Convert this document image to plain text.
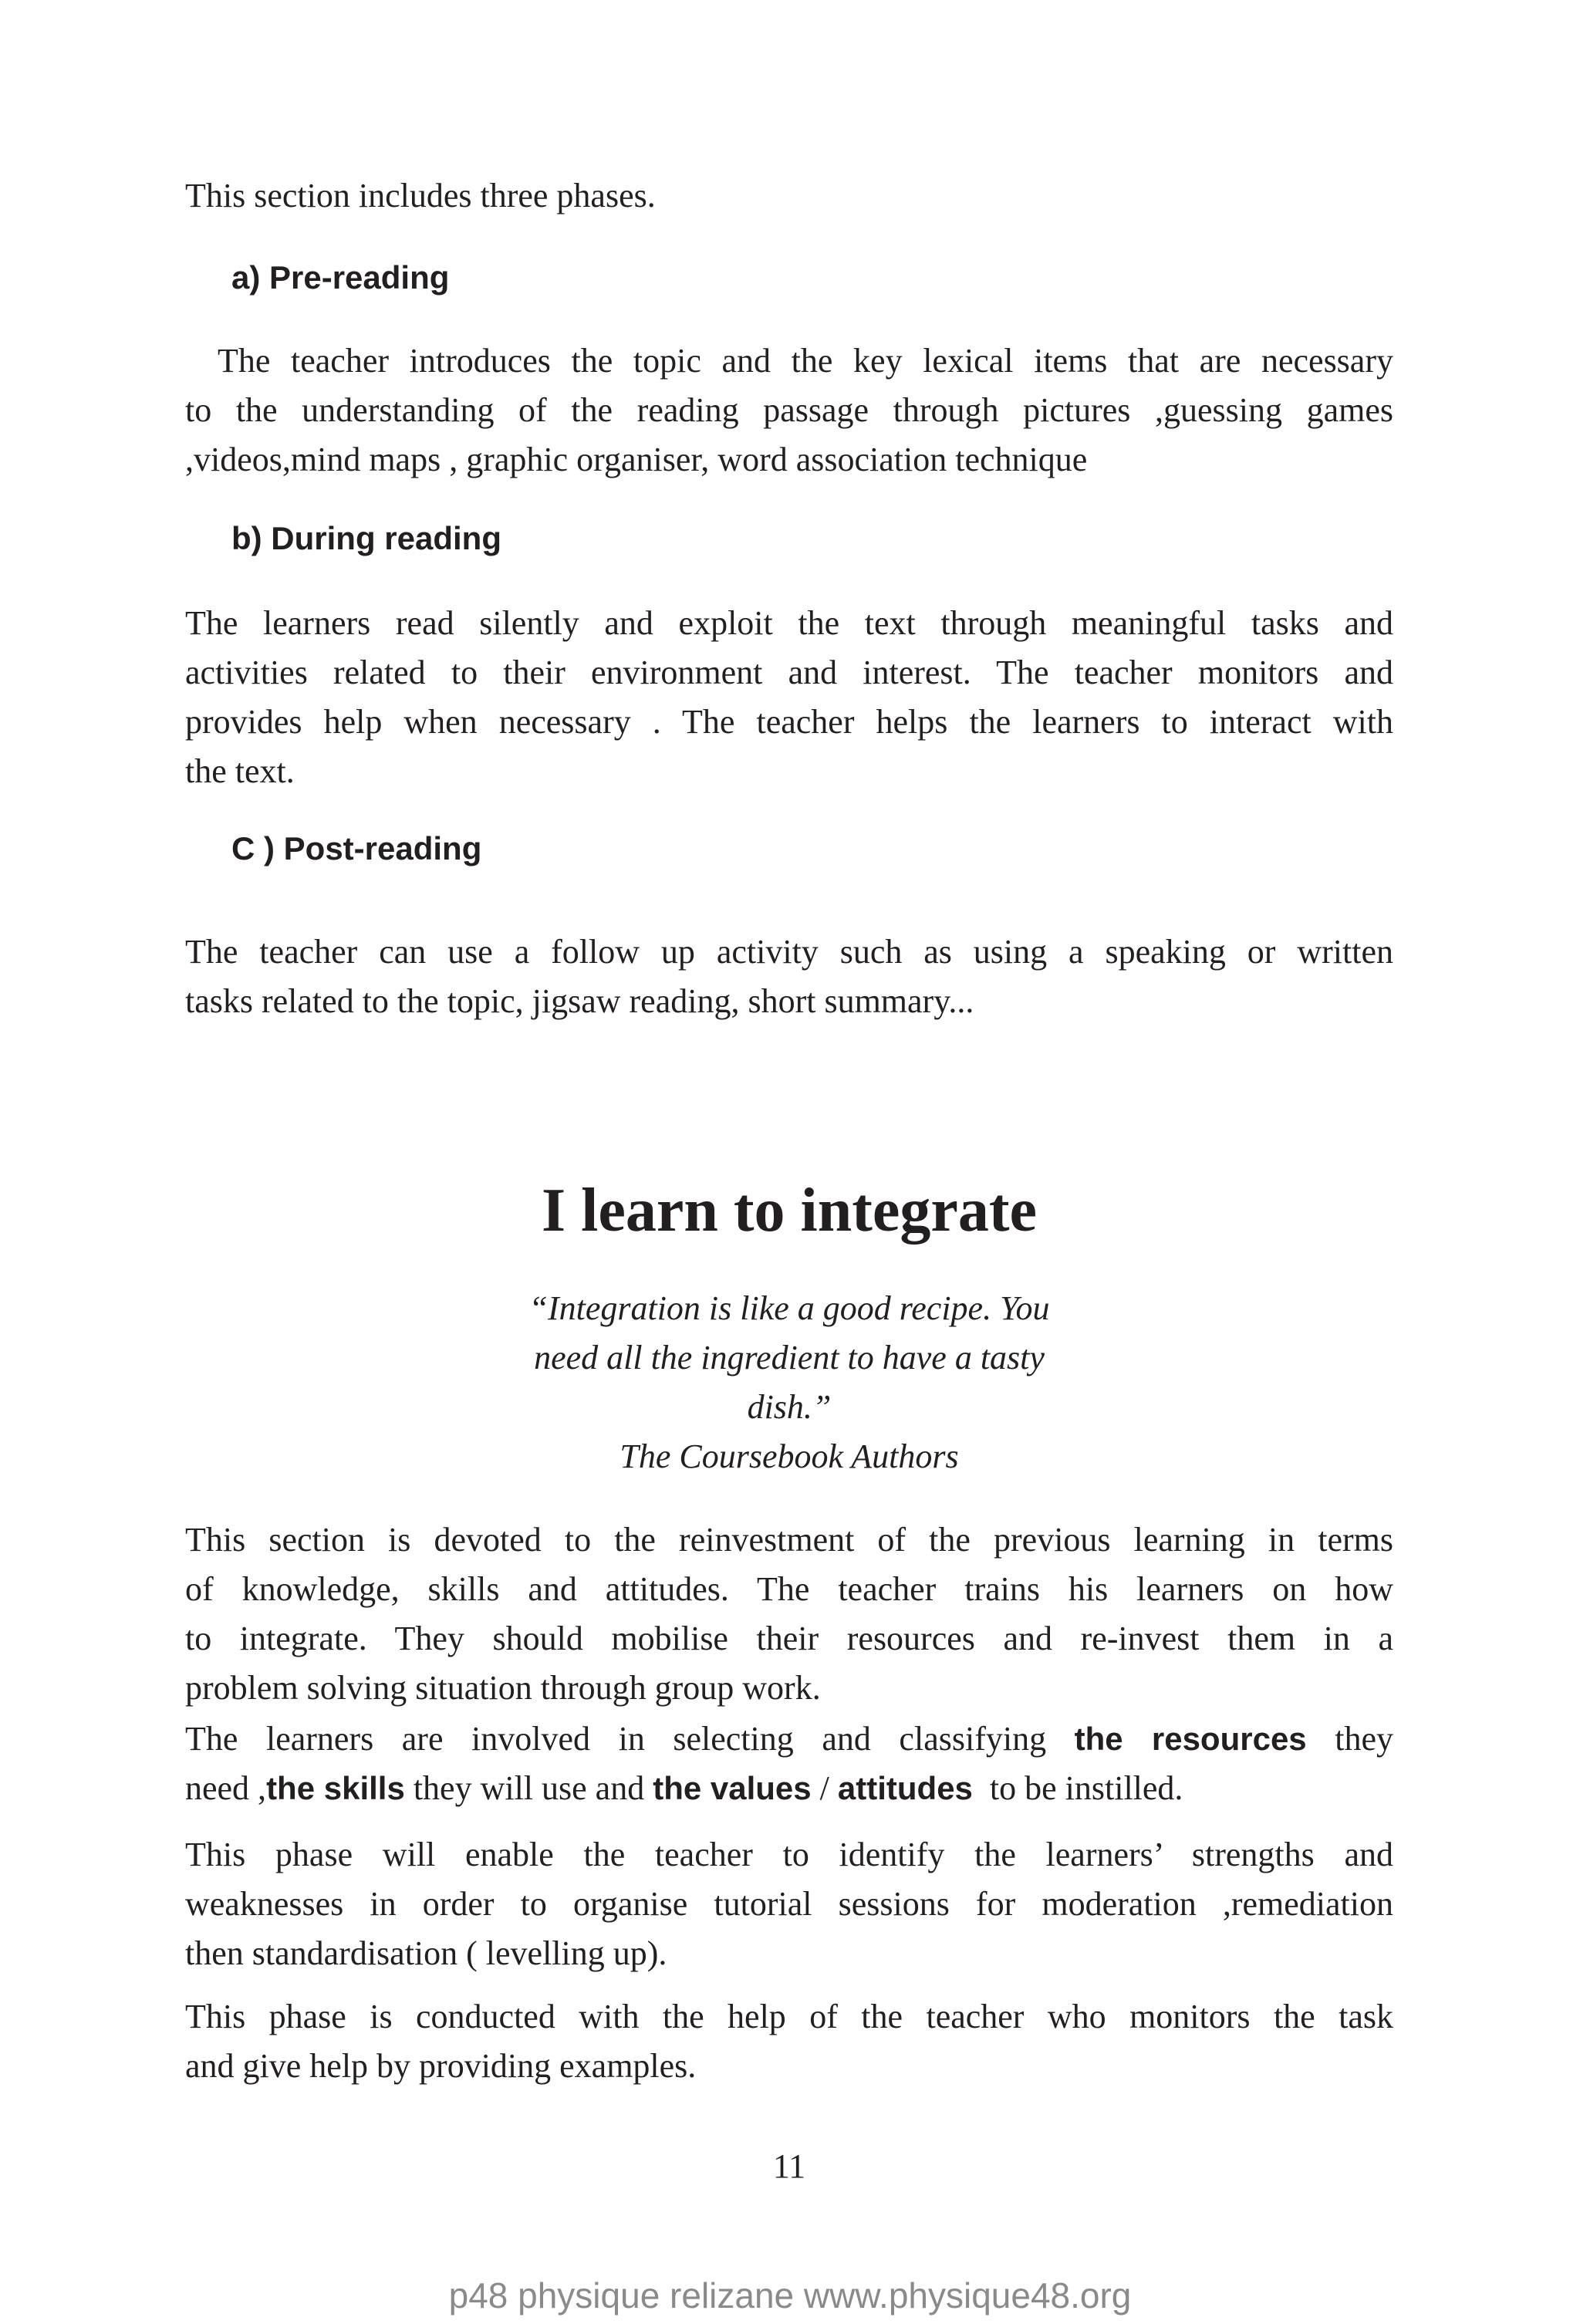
This section includes three phases.

a) Pre-reading

The teacher introduces the topic and the key lexical items that are necessary
to the understanding of the reading passage through pictures ,guessing games
,videos,mind maps , graphic organiser, word association technique

b) During reading

The learners read silently and exploit the text through meaningful tasks and
activities related to their environment and interest. The teacher monitors and
provides help when necessary . The teacher helps the learners to interact with
the text.

C ) Post-reading

The teacher can use a follow up activity such as using a speaking or written
tasks related to the topic, jigsaw reading, short summary...
I learn to integrate
“Integration is like a good recipe. You
need all the ingredient to have a tasty
dish.”
The Coursebook Authors
This section is devoted to the reinvestment of the previous learning in terms
of knowledge, skills and attitudes. The teacher trains his learners on how
to integrate. They should mobilise their resources and re-invest them in a
problem solving situation through group work.
The learners are involved in selecting and classifying the resources they
need ,the skills they will use and the values / attitudes  to be instilled.
This phase will enable the teacher to identify the learners’ strengths and
weaknesses in order to organise tutorial sessions for moderation ,remediation
then standardisation ( levelling up).
This phase is conducted with the help of the teacher who monitors the task
and give help by providing examples.

11

p48 physique relizane www.physique48.org
